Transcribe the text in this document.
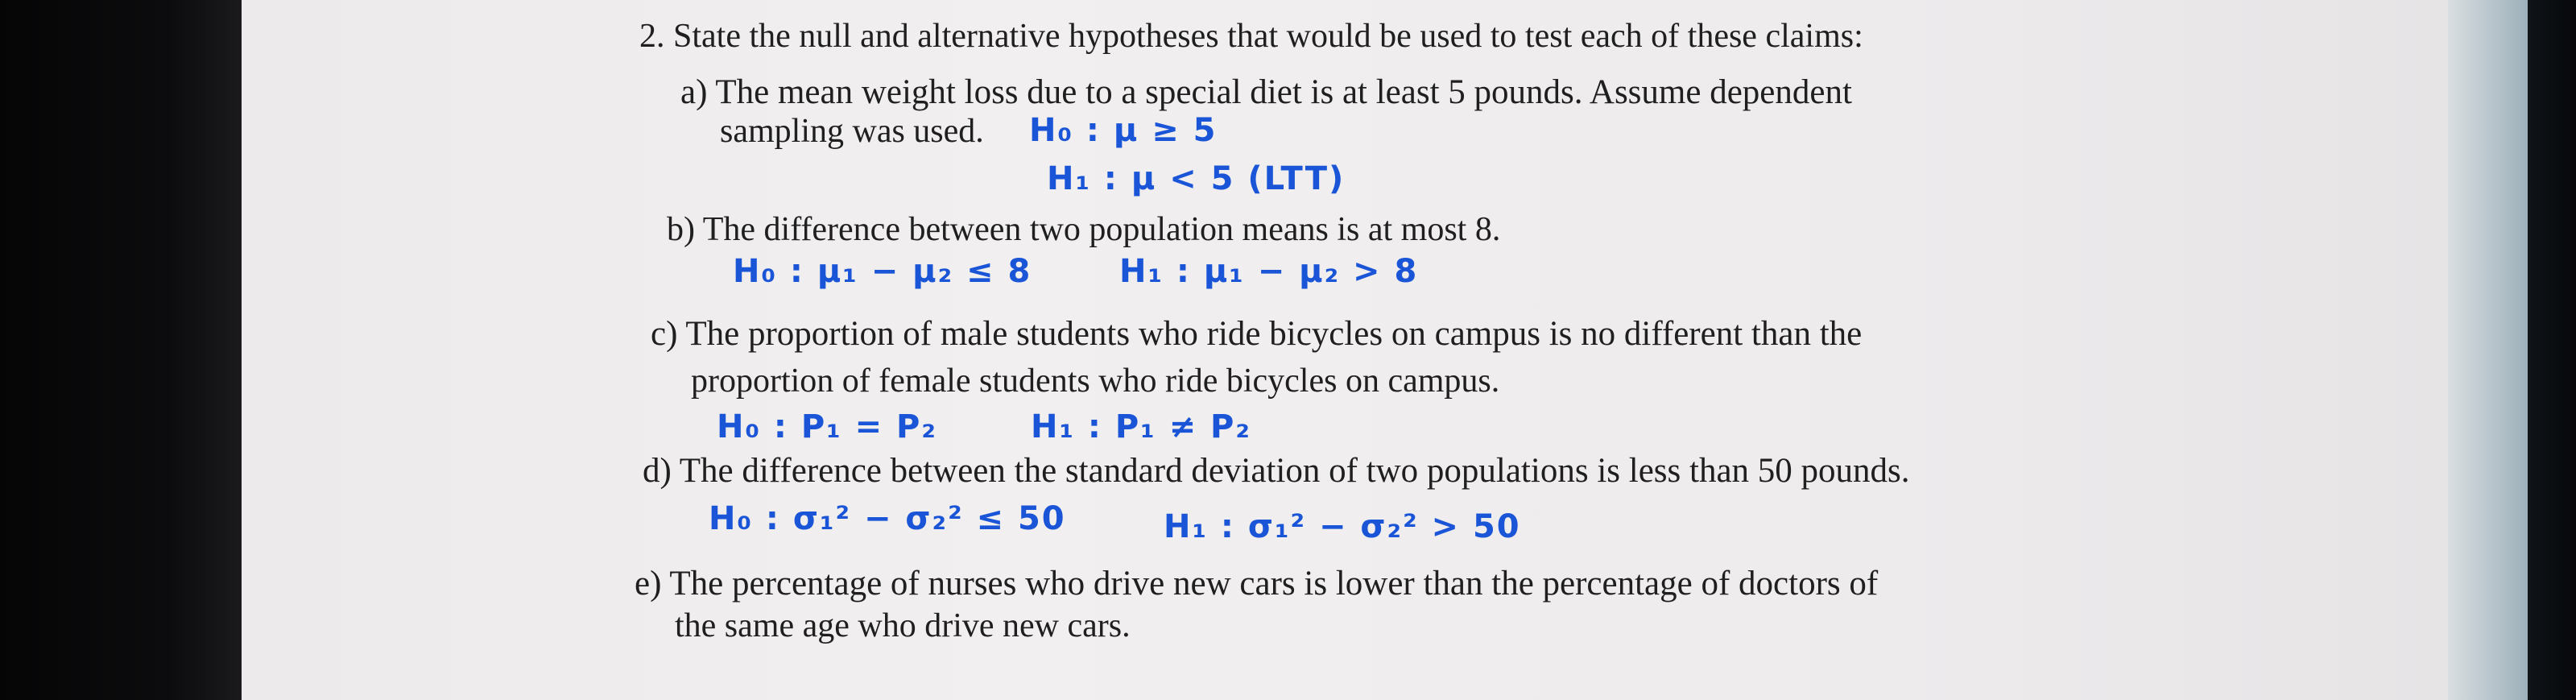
2. State the null and alternative hypotheses that would be used to test each of these claims:
a) The mean weight loss due to a special diet is at least 5 pounds. Assume dependent
sampling was used. H₀ : μ ≥ 5
H₁ : μ < 5 (LTT)
b) The difference between two population means is at most 8.
H₀ : μ₁ − μ₂ ≤ 8	H₁ : μ₁ − μ₂ > 8
c) The proportion of male students who ride bicycles on campus is no different than the
proportion of female students who ride bicycles on campus.
H₀ : P₁ = P₂	H₁ : P₁ ≠ P₂
d) The difference between the standard deviation of two populations is less than 50 pounds.
H₀ : σ₁² − σ₂² ≤ 50	H₁ : σ₁² − σ₂² > 50
e) The percentage of nurses who drive new cars is lower than the percentage of doctors of
the same age who drive new cars.
